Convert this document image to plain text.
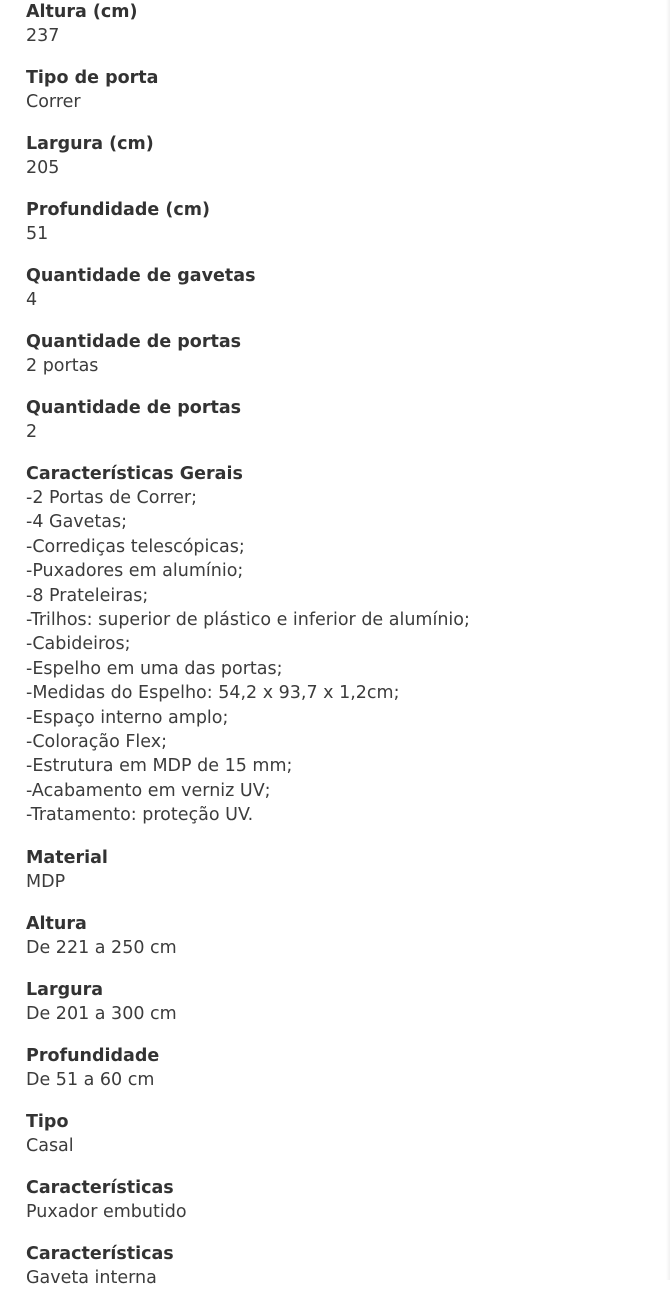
Altura (cm)
237
Tipo de porta
Correr
Largura (cm)
205
Profundidade (cm)
51
Quantidade de gavetas
4
Quantidade de portas
2 portas
Quantidade de portas
2
Características Gerais
-2 Portas de Correr;
-4 Gavetas;
-Corrediças telescópicas;
-Puxadores em alumínio;
-8 Prateleiras;
-Trilhos: superior de plástico e inferior de alumínio;
-Cabideiros;
-Espelho em uma das portas;
-Medidas do Espelho: 54,2 x 93,7 x 1,2cm;
-Espaço interno amplo;
-Coloração Flex;
-Estrutura em MDP de 15 mm;
-Acabamento em verniz UV;
-Tratamento: proteção UV.
Material
MDP
Altura
De 221 a 250 cm
Largura
De 201 a 300 cm
Profundidade
De 51 a 60 cm
Tipo
Casal
Características
Puxador embutido
Características
Gaveta interna
